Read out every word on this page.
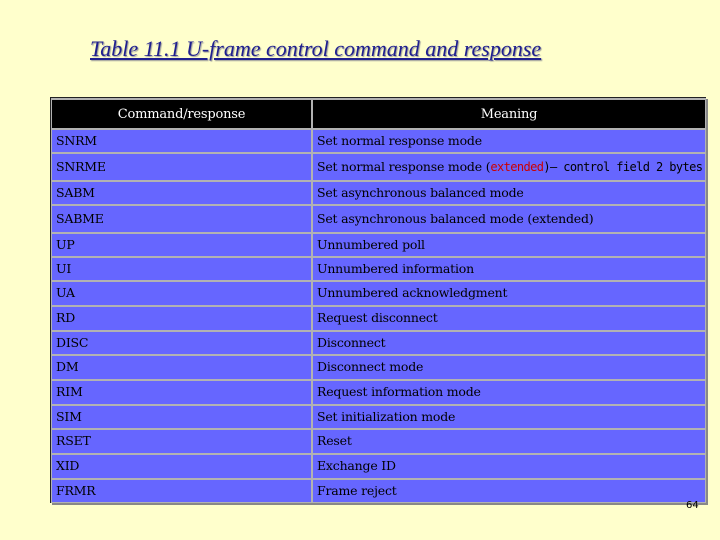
Table 11.1 U-frame control command and response
Command/response	Meaning
SNRM	Set normal response mode
SNRME	Set normal response mode ( extended )– control field 2 bytes
SABM	Set asynchronous balanced mode
SABME	Set asynchronous balanced mode (extended)
UP	Unnumbered poll
UI	Unnumbered information
UA	Unnumbered acknowledgment
RD	Request disconnect
DISC	Disconnect
DM	Disconnect mode
RIM	Request information mode
SIM	Set initialization mode
RSET	Reset
XID	Exchange ID
FRMR	Frame reject
64
